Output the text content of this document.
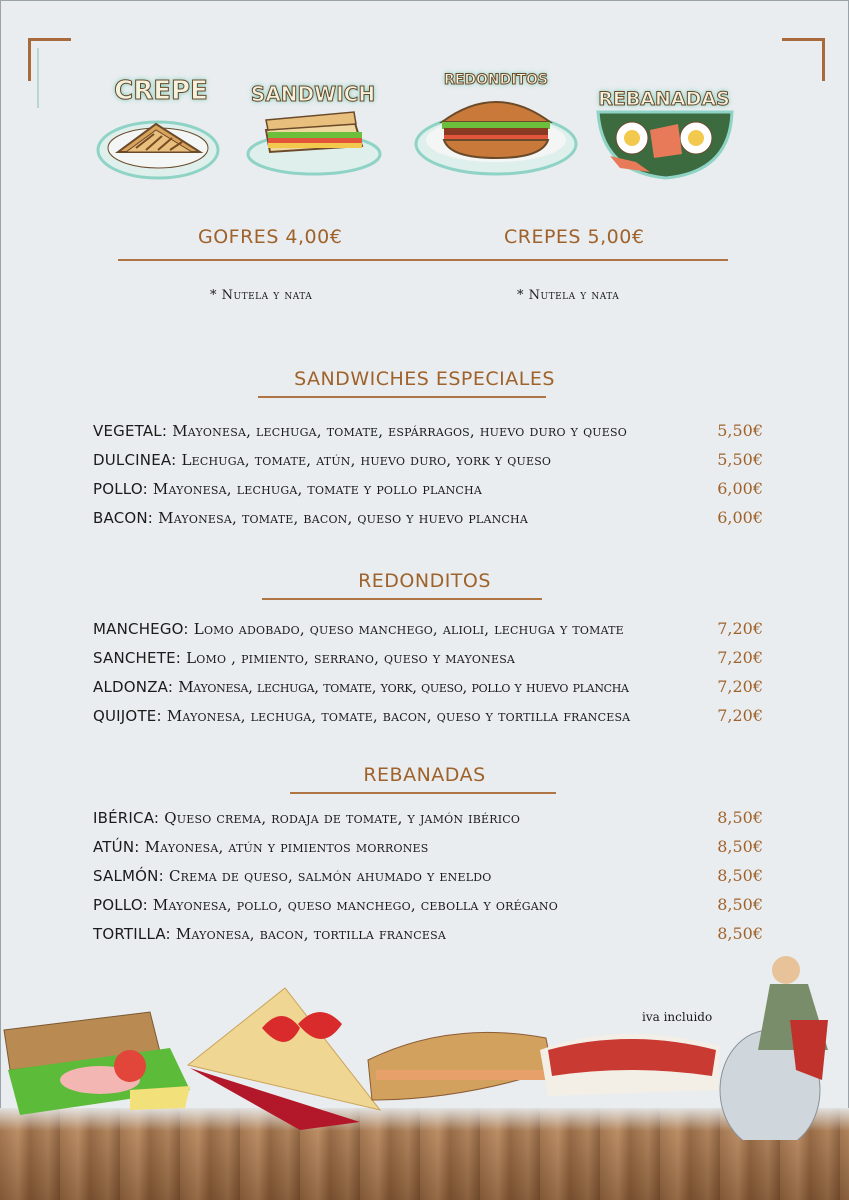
CREPE	SANDWICH
REDONDITOS
REBANADAS
GOFRES 4,00€	CREPES 5,00€
* Nutela y nata	* Nutela y nata
SANDWICHES ESPECIALES
VEGETAL: Mayonesa, lechuga, tomate, espárragos, huevo duro y queso	5,50€
DULCINEA: Lechuga, tomate, atún, huevo duro, york y queso	5,50€
POLLO: Mayonesa, lechuga, tomate y pollo plancha	6,00€
BACON: Mayonesa, tomate, bacon, queso y huevo plancha	6,00€
REDONDITOS
MANCHEGO: Lomo adobado, queso manchego, alioli, lechuga y tomate	7,20€
SANCHETE: Lomo , pimiento, serrano, queso y mayonesa	7,20€
ALDONZA: Mayonesa, lechuga, tomate, york, queso, pollo y huevo plancha	7,20€
QUIJOTE: Mayonesa, lechuga, tomate, bacon, queso y tortilla francesa	7,20€
REBANADAS
IBÉRICA: Queso crema, rodaja de tomate, y jamón ibérico	8,50€
ATÚN: Mayonesa, atún y pimientos morrones	8,50€
SALMÓN: Crema de queso, salmón ahumado y eneldo	8,50€
POLLO: Mayonesa, pollo, queso manchego, cebolla y orégano	8,50€
TORTILLA: Mayonesa, bacon, tortilla francesa	8,50€
iva incluido
